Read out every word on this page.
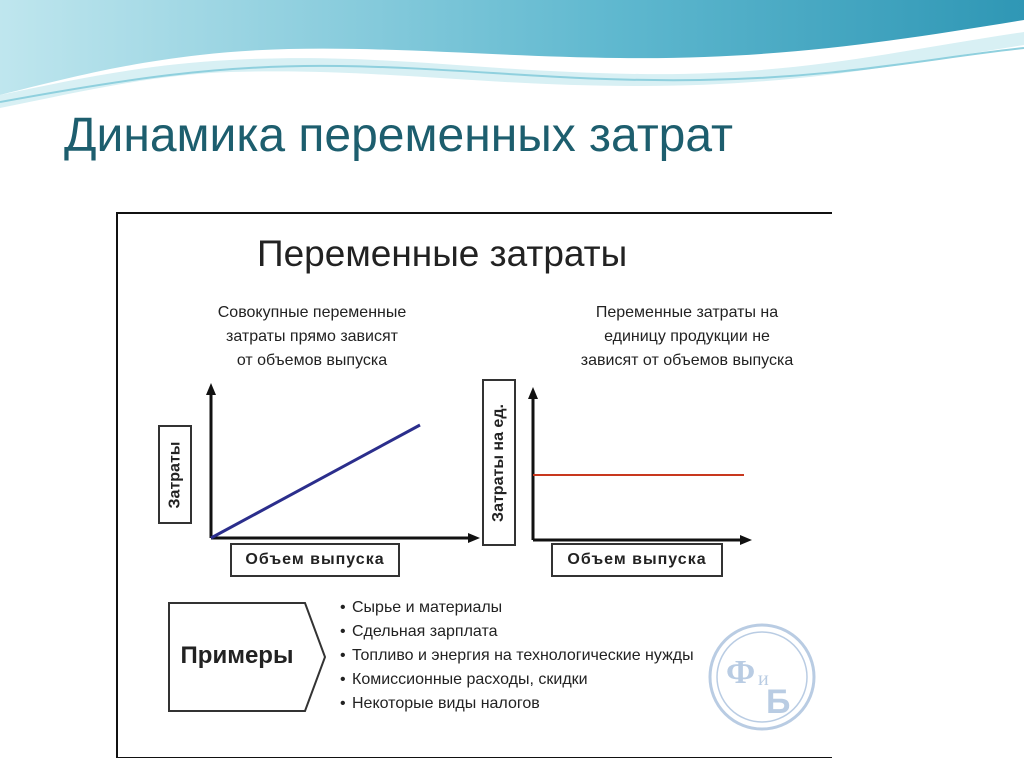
Динамика переменных затрат
Переменные затраты
Совокупные переменные
затраты прямо зависят
от объемов выпуска
Переменные затраты на
единицу продукции не
зависят от объемов выпуска
Затраты
Объем выпуска
Затраты на ед.
Объем выпуска
Примеры
• Сырье и материалы
• Сдельная зарплата
• Топливо и энергия на технологические нужды
• Комиссионные расходы, скидки
• Некоторые виды налогов
Ф и
Б
